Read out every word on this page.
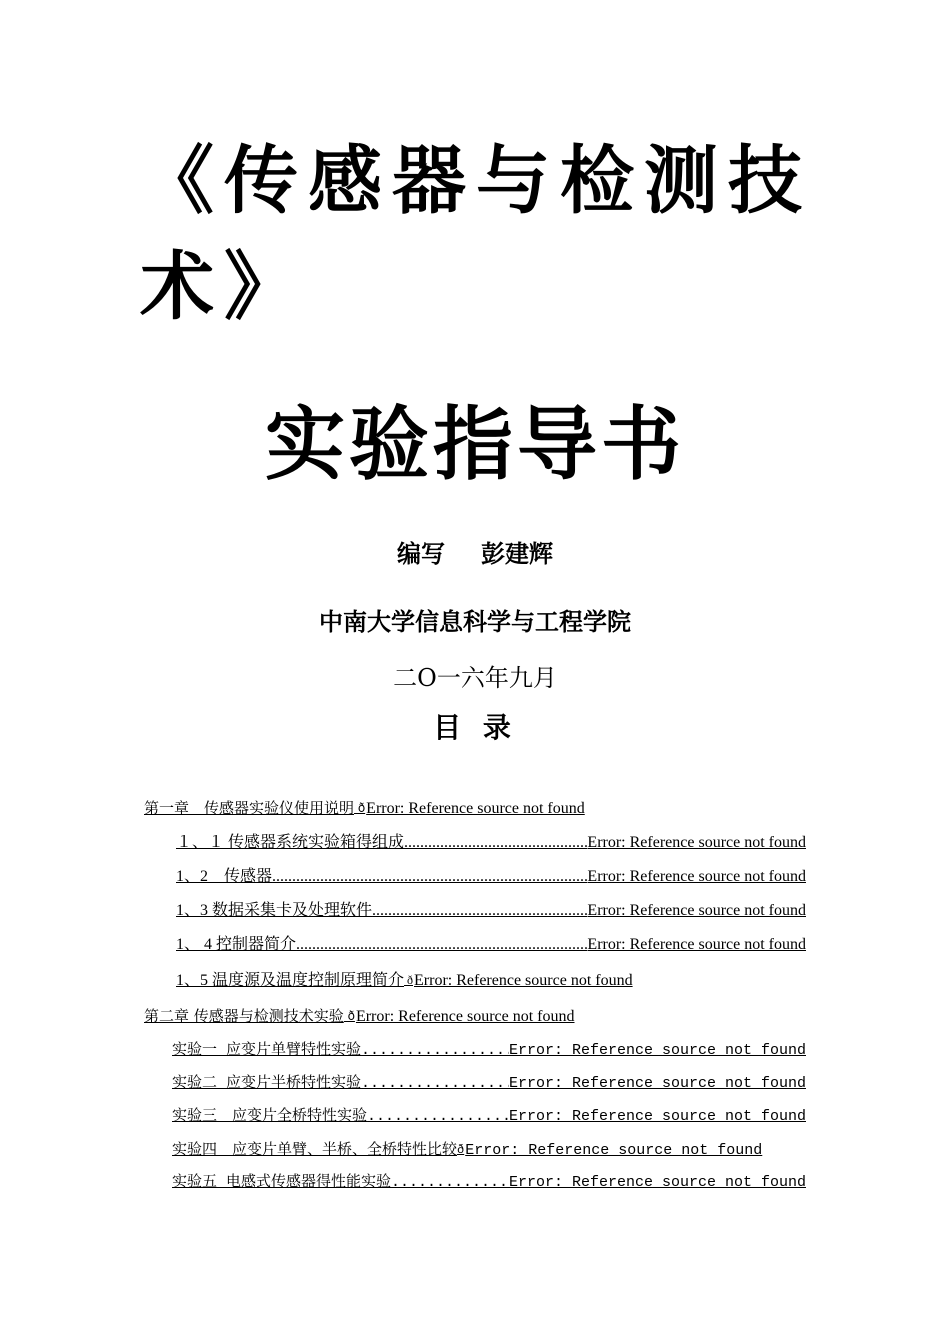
《传感器与检测技术》
实验指导书
编写 彭建辉
中南大学信息科学与工程学院
二O一六年九月
目 录
第一章　传感器实验仪使用说明 ðError: Reference source not found
１、１ 传感器系统实验箱得组成 .....	Error: Reference source not found
1、2　传感器 .....	Error: Reference source not found
1、3 数据采集卡及处理软件 .....	Error: Reference source not found
1、 4 控制器简介 .....	Error: Reference source not found
1、5 温度源及温度控制原理简介 ðError: Reference source not found
第二章 传感器与检测技术实验 ðError: Reference source not found
实验一 应变片单臂特性实验 .....	Error: Reference source not found
实验二 应变片半桥特性实验 .....	Error: Reference source not found
实验三　应变片全桥特性实验 .....	Error: Reference source not found
实验四　应变片单臂、半桥、全桥特性比较ðError: Reference source not found
实验五 电感式传感器得性能实验 .....	Error: Reference source not found
